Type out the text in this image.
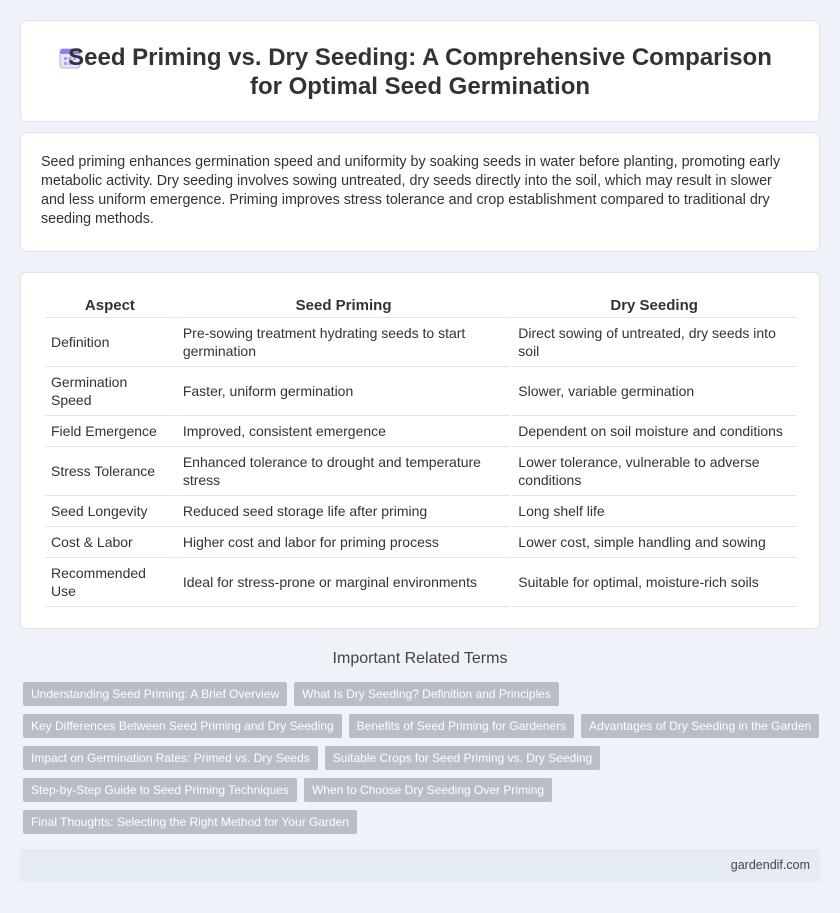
Seed Priming vs. Dry Seeding: A Comprehensive Comparison for Optimal Seed Germination

Seed priming enhances germination speed and uniformity by soaking seeds in water before planting, promoting early metabolic activity. Dry seeding involves sowing untreated, dry seeds directly into the soil, which may result in slower and less uniform emergence. Priming improves stress tolerance and crop establishment compared to traditional dry seeding methods.

Aspect	Seed Priming	Dry Seeding
Definition	Pre-sowing treatment hydrating seeds to start germination	Direct sowing of untreated, dry seeds into soil
Germination Speed	Faster, uniform germination	Slower, variable germination
Field Emergence	Improved, consistent emergence	Dependent on soil moisture and conditions
Stress Tolerance	Enhanced tolerance to drought and temperature stress	Lower tolerance, vulnerable to adverse conditions
Seed Longevity	Reduced seed storage life after priming	Long shelf life
Cost & Labor	Higher cost and labor for priming process	Lower cost, simple handling and sowing
Recommended Use	Ideal for stress-prone or marginal environments	Suitable for optimal, moisture-rich soils
Important Related Terms
Understanding Seed Priming: A Brief Overview	What Is Dry Seeding? Definition and Principles
Key Differences Between Seed Priming and Dry Seeding	Benefits of Seed Priming for Gardeners	Advantages of Dry Seeding in the Garden
Impact on Germination Rates: Primed vs. Dry Seeds	Suitable Crops for Seed Priming vs. Dry Seeding
Step-by-Step Guide to Seed Priming Techniques	When to Choose Dry Seeding Over Priming
Final Thoughts: Selecting the Right Method for Your Garden
gardendif.com
